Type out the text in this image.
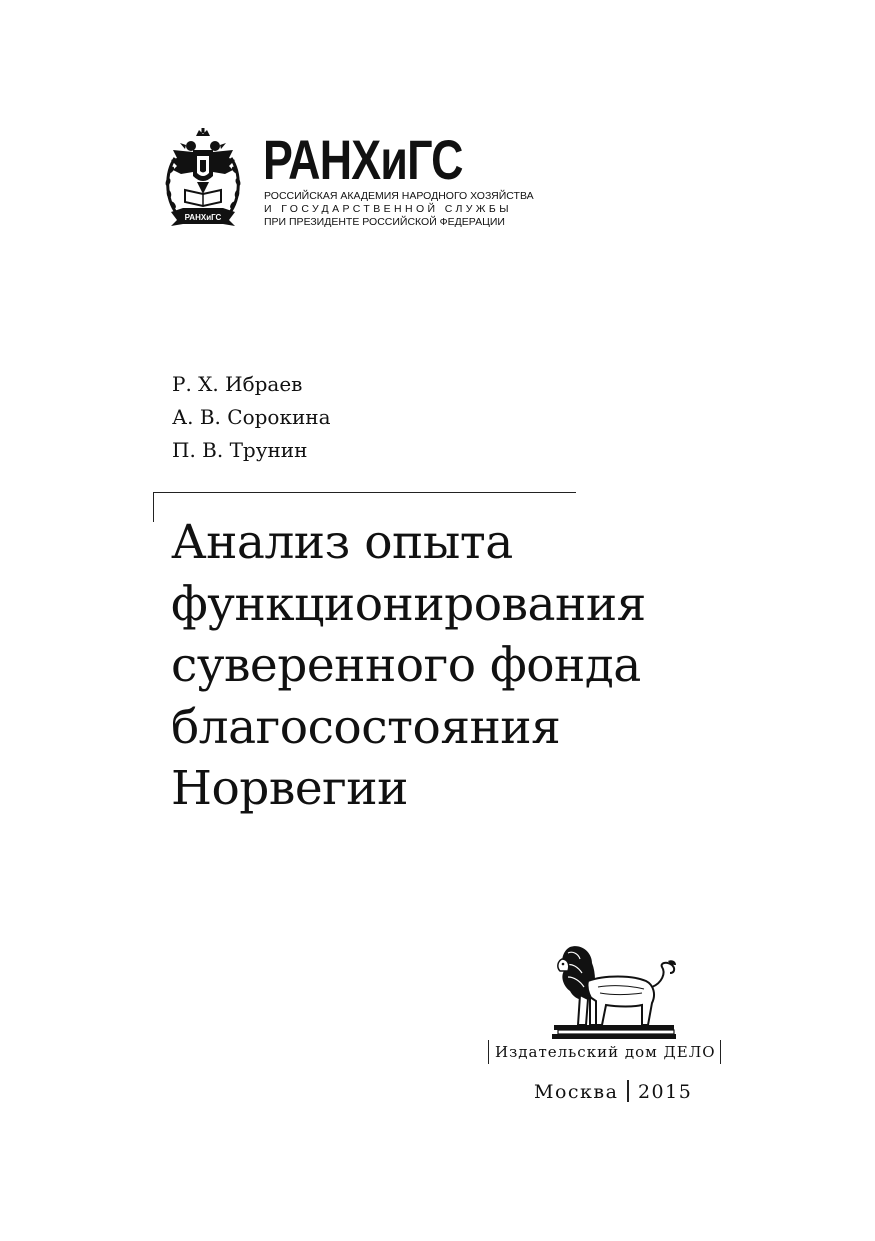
РАНХиГС
РАНХиГС
РОССИЙСКАЯ АКАДЕМИЯ НАРОДНОГО ХОЗЯЙСТВА
И ГОСУДАРСТВЕННОЙ СЛУЖБЫ
ПРИ ПРЕЗИДЕНТЕ РОССИЙСКОЙ ФЕДЕРАЦИИ
Р. Х. Ибраев
А. В. Сорокина
П. В. Трунин
Анализ опыта
функционирования
суверенного фонда
благосостояния
Норвегии
Издательский дом ДЕЛО
Москва 2015
